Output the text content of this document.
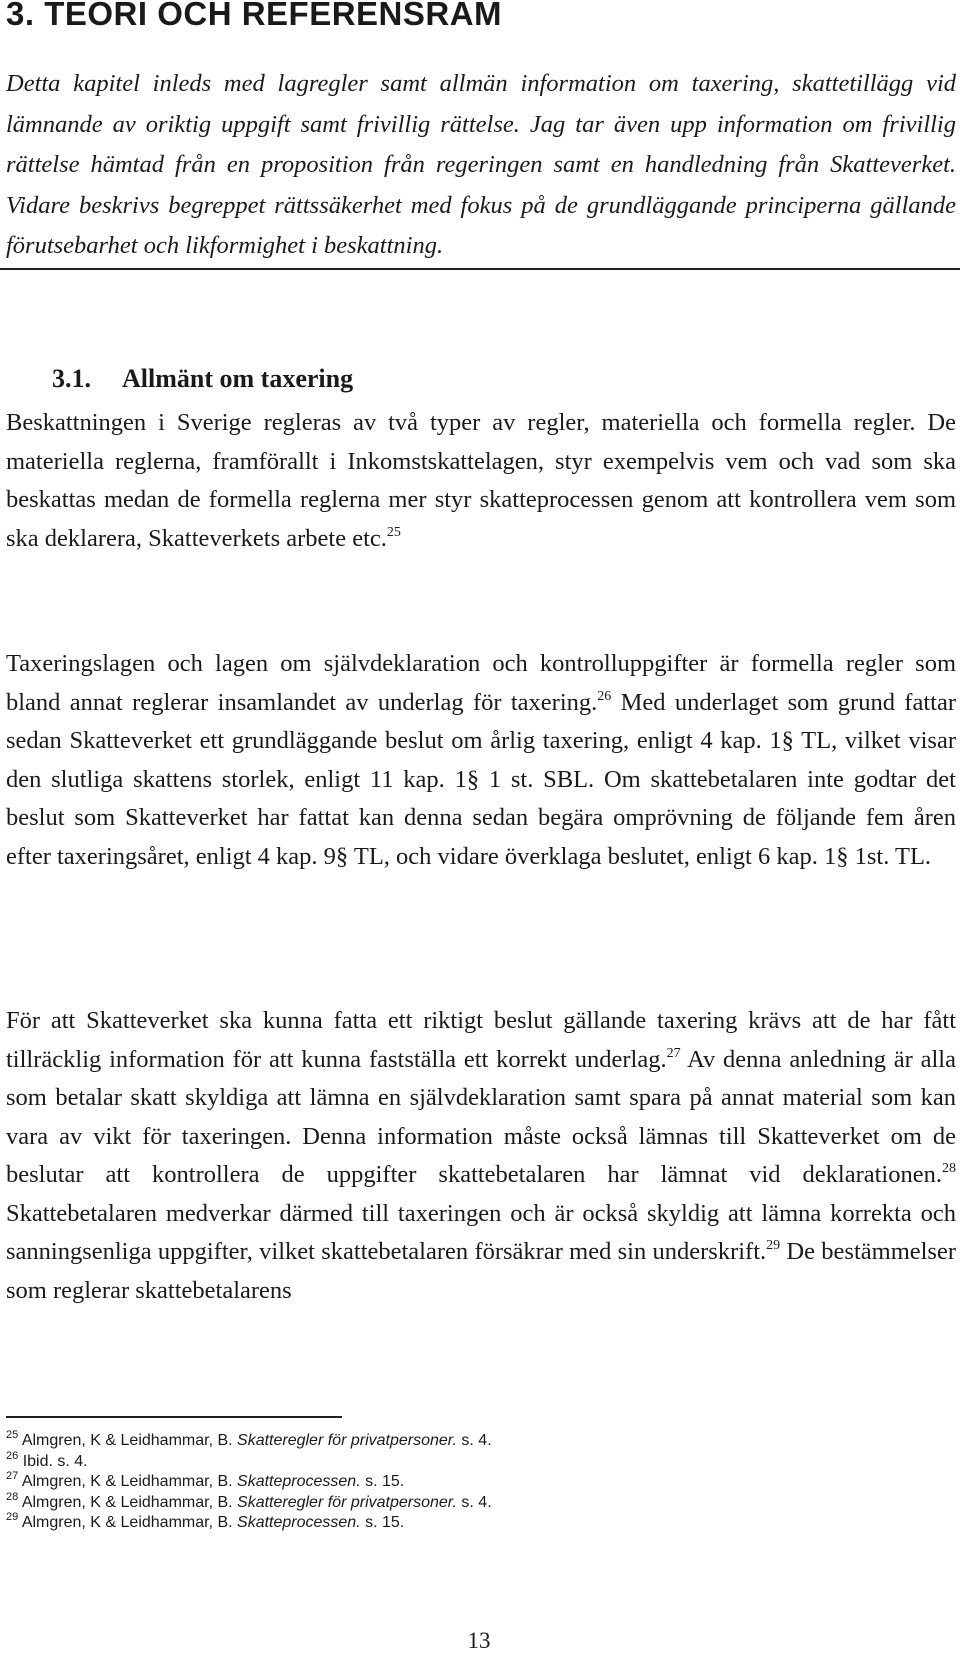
3. TEORI OCH REFERENSRAM

Detta kapitel inleds med lagregler samt allmän information om taxering, skattetillägg vid lämnande av oriktig uppgift samt frivillig rättelse. Jag tar även upp information om frivillig rättelse hämtad från en proposition från regeringen samt en handledning från Skatteverket. Vidare beskrivs begreppet rättssäkerhet med fokus på de grundläggande principerna gällande förutsebarhet och likformighet i beskattning.

3.1. Allmänt om taxering

Beskattningen i Sverige regleras av två typer av regler, materiella och formella regler. De materiella reglerna, framförallt i Inkomstskattelagen, styr exempelvis vem och vad som ska beskattas medan de formella reglerna mer styr skatteprocessen genom att kontrollera vem som ska deklarera, Skatteverkets arbete etc.$^{25}$

Taxeringslagen och lagen om självdeklaration och kontrolluppgifter är formella regler som bland annat reglerar insamlandet av underlag för taxering.$^{26}$ Med underlaget som grund fattar sedan Skatteverket ett grundläggande beslut om årlig taxering, enligt 4 kap. 1§ TL, vilket visar den slutliga skattens storlek, enligt 11 kap. 1§ 1 st. SBL. Om skattebetalaren inte godtar det beslut som Skatteverket har fattat kan denna sedan begära omprövning de följande fem åren efter taxeringsåret, enligt 4 kap. 9§ TL, och vidare överklaga beslutet, enligt 6 kap. 1§ 1st. TL.

För att Skatteverket ska kunna fatta ett riktigt beslut gällande taxering krävs att de har fått tillräcklig information för att kunna fastställa ett korrekt underlag.$^{27}$ Av denna anledning är alla som betalar skatt skyldiga att lämna en självdeklaration samt spara på annat material som kan vara av vikt för taxeringen. Denna information måste också lämnas till Skatteverket om de beslutar att kontrollera de uppgifter skattebetalaren har lämnat vid deklarationen.$^{28}$ Skattebetalaren medverkar därmed till taxeringen och är också skyldig att lämna korrekta och sanningsenliga uppgifter, vilket skattebetalaren försäkrar med sin underskrift.$^{29}$ De bestämmelser som reglerar skattebetalarens

$^{25}$ Almgren, K & Leidhammar, B. Skatteregler för privatpersoner. s. 4.

$^{26}$ Ibid. s. 4.

$^{27}$ Almgren, K & Leidhammar, B. Skatteprocessen. s. 15.

$^{28}$ Almgren, K & Leidhammar, B. Skatteregler för privatpersoner. s. 4.

$^{29}$ Almgren, K & Leidhammar, B. Skatteprocessen. s. 15.

13
